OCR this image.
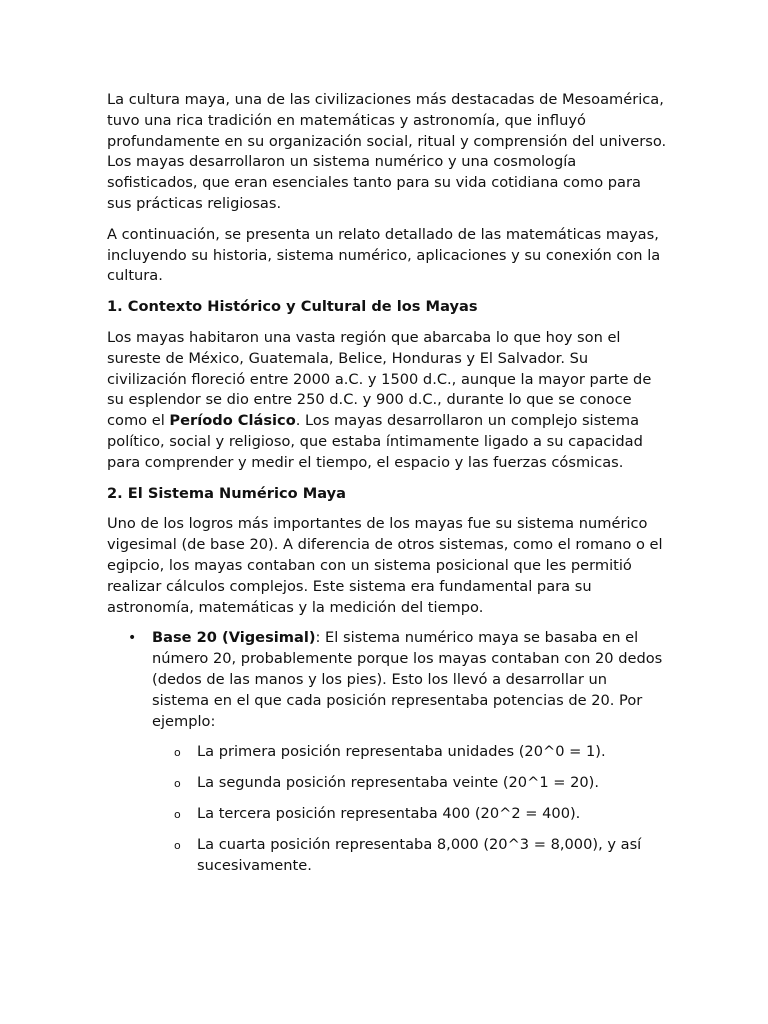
La cultura maya, una de las civilizaciones más destacadas de Mesoamérica, tuvo una rica tradición en matemáticas y astronomía, que influyó profundamente en su organización social, ritual y comprensión del universo. Los mayas desarrollaron un sistema numérico y una cosmología sofisticados, que eran esenciales tanto para su vida cotidiana como para sus prácticas religiosas.

A continuación, se presenta un relato detallado de las matemáticas mayas, incluyendo su historia, sistema numérico, aplicaciones y su conexión con la cultura.

1. Contexto Histórico y Cultural de los Mayas

Los mayas habitaron una vasta región que abarcaba lo que hoy son el sureste de México, Guatemala, Belice, Honduras y El Salvador. Su civilización floreció entre 2000 a.C. y 1500 d.C., aunque la mayor parte de su esplendor se dio entre 250 d.C. y 900 d.C., durante lo que se conoce como el Período Clásico. Los mayas desarrollaron un complejo sistema político, social y religioso, que estaba íntimamente ligado a su capacidad para comprender y medir el tiempo, el espacio y las fuerzas cósmicas.

2. El Sistema Numérico Maya

Uno de los logros más importantes de los mayas fue su sistema numérico vigesimal (de base 20). A diferencia de otros sistemas, como el romano o el egipcio, los mayas contaban con un sistema posicional que les permitió realizar cálculos complejos. Este sistema era fundamental para su astronomía, matemáticas y la medición del tiempo.

• Base 20 (Vigesimal): El sistema numérico maya se basaba en el número 20, probablemente porque los mayas contaban con 20 dedos (dedos de las manos y los pies). Esto los llevó a desarrollar un sistema en el que cada posición representaba potencias de 20. Por ejemplo:
o La primera posición representaba unidades (20^0 = 1).
o La segunda posición representaba veinte (20^1 = 20).
o La tercera posición representaba 400 (20^2 = 400).
o La cuarta posición representaba 8,000 (20^3 = 8,000), y así sucesivamente.
